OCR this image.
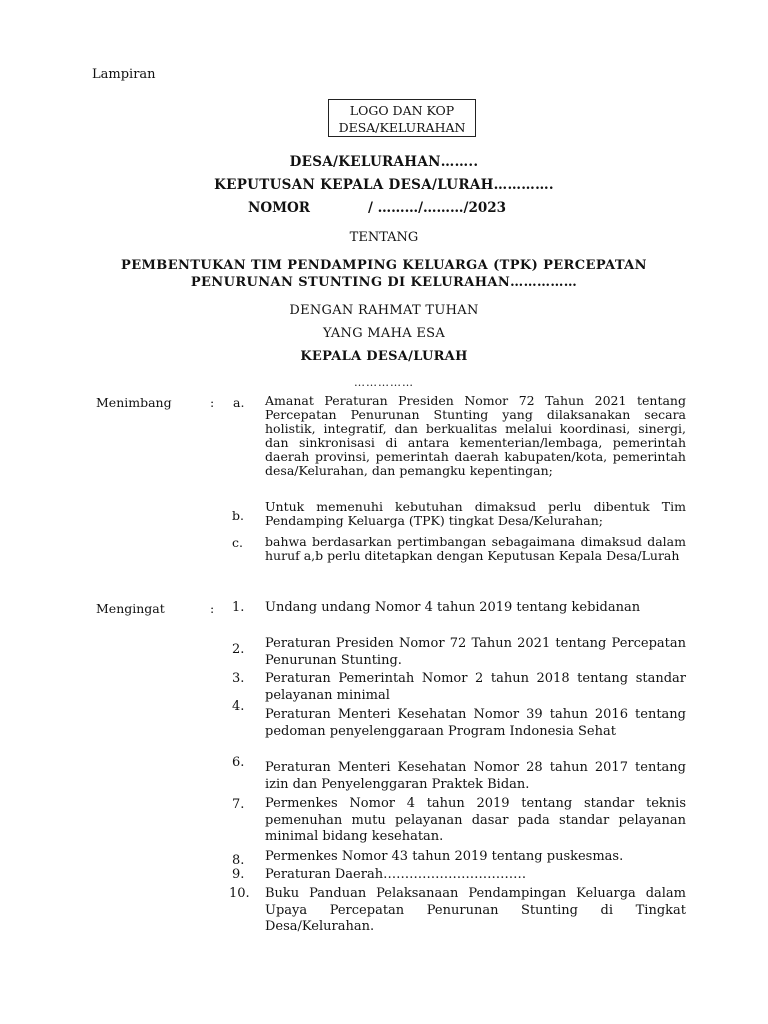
Lampiran
LOGO DAN KOP
DESA/KELURAHAN
DESA/KELURAHAN……..
KEPUTUSAN KEPALA DESA/LURAH………….
NOMOR	/ ………/………/2023
TENTANG
PEMBENTUKAN TIM PENDAMPING KELUARGA (TPK) PERCEPATAN
PENURUNAN STUNTING DI KELURAHAN……………
DENGAN RAHMAT TUHAN
YANG MAHA ESA
KEPALA DESA/LURAH
……………
Menimbang	: a. Amanat Peraturan Presiden Nomor 72 Tahun 2021 tentang Percepatan Penurunan Stunting yang dilaksanakan secara holistik, integratif, dan berkualitas melalui koordinasi, sinergi, dan sinkronisasi di antara kementerian/lembaga, pemerintah daerah provinsi, pemerintah daerah kabupaten/kota, pemerintah desa/Kelurahan, dan pemangku kepentingan;
b.
Untuk memenuhi kebutuhan dimaksud perlu dibentuk Tim Pendamping Keluarga (TPK) tingkat Desa/Kelurahan;
c. bahwa berdasarkan pertimbangan sebagaimana dimaksud dalam huruf a,b perlu ditetapkan dengan Keputusan Kepala Desa/Lurah
Mengingat	: 1. Undang undang Nomor 4 tahun 2019 tentang kebidanan
2. Peraturan Presiden Nomor 72 Tahun 2021 tentang Percepatan Penurunan Stunting.
3. Peraturan Pemerintah Nomor 2 tahun 2018 tentang standar pelayanan minimal
4.
Peraturan Menteri Kesehatan Nomor 39 tahun 2016 tentang pedoman penyelenggaraan Program Indonesia Sehat
6. Peraturan Menteri Kesehatan Nomor 28 tahun 2017 tentang izin dan Penyelenggaran Praktek Bidan.
7. Permenkes Nomor 4 tahun 2019 tentang standar teknis pemenuhan mutu pelayanan dasar pada standar pelayanan minimal bidang kesehatan.
8. Permenkes Nomor 43 tahun 2019 tentang puskesmas.
9. Peraturan Daerah……………………………
10. Buku Panduan Pelaksanaan Pendampingan Keluarga dalam Upaya Percepatan Penurunan Stunting di Tingkat Desa/Kelurahan.
